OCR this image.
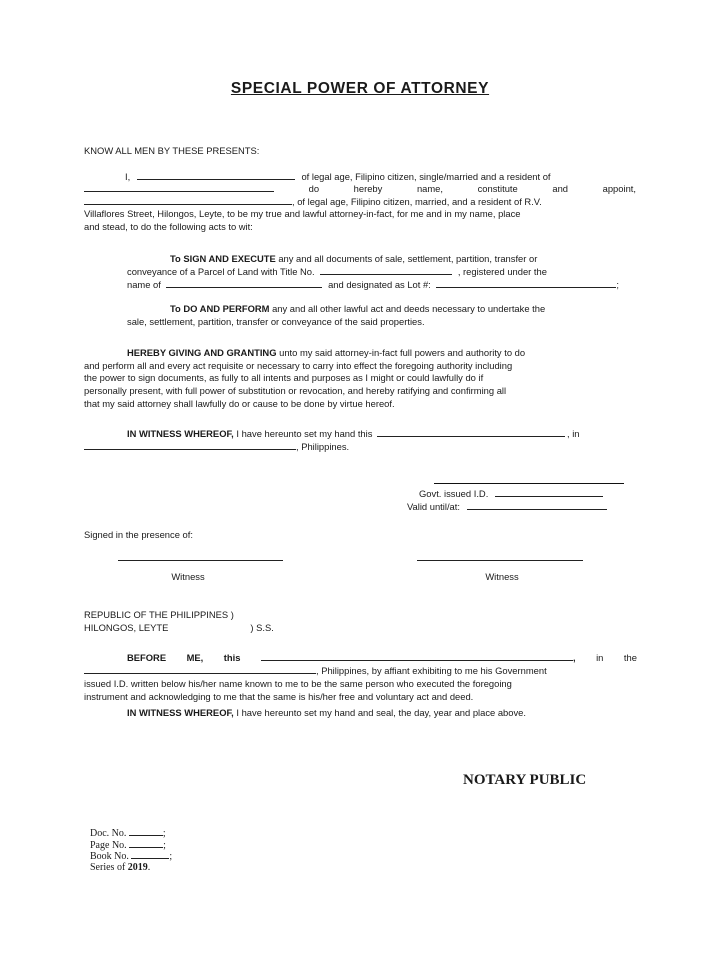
SPECIAL POWER OF ATTORNEY
KNOW ALL MEN BY THESE PRESENTS:
I,	of legal age, Filipino citizen, single/married and a resident of
do	hereby	name,	constitute	and	appoint,
, of legal age, Filipino citizen, married, and a resident of R.V.
Villaflores Street, Hilongos, Leyte, to be my true and lawful attorney-in-fact, for me and in my name, place
and stead, to do the following acts to wit:
To SIGN AND EXECUTE any and all documents of sale, settlement, partition, transfer or
conveyance of a Parcel of Land with Title No.	, registered under the
name of	and designated as Lot #:	;
To DO AND PERFORM any and all other lawful act and deeds necessary to undertake the
sale, settlement, partition, transfer or conveyance of the said properties.
HEREBY GIVING AND GRANTING unto my said attorney-in-fact full powers and authority to do
and perform all and every act requisite or necessary to carry into effect the foregoing authority including
the power to sign documents, as fully to all intents and purposes as I might or could lawfully do if
personally present, with full power of substitution or revocation, and hereby ratifying and confirming all
that my said attorney shall lawfully do or cause to be done by virtue hereof.
IN WITNESS WHEREOF, I have hereunto set my hand this	, in
, Philippines.
Govt. issued I.D.
Valid until/at:
Signed in the presence of:
Witness	Witness
REPUBLIC OF THE PHILIPPINES )
HILONGOS, LEYTE	) S.S.
BEFORE ME, this	, in the
, Philippines, by affiant exhibiting to me his Government
issued I.D. written below his/her name known to me to be the same person who executed the foregoing
instrument and acknowledging to me that the same is his/her free and voluntary act and deed.
IN WITNESS WHEREOF, I have hereunto set my hand and seal, the day, year and place above.
NOTARY PUBLIC
Doc. No.	;
Page No.	;
Book No.	;
Series of 2019.
